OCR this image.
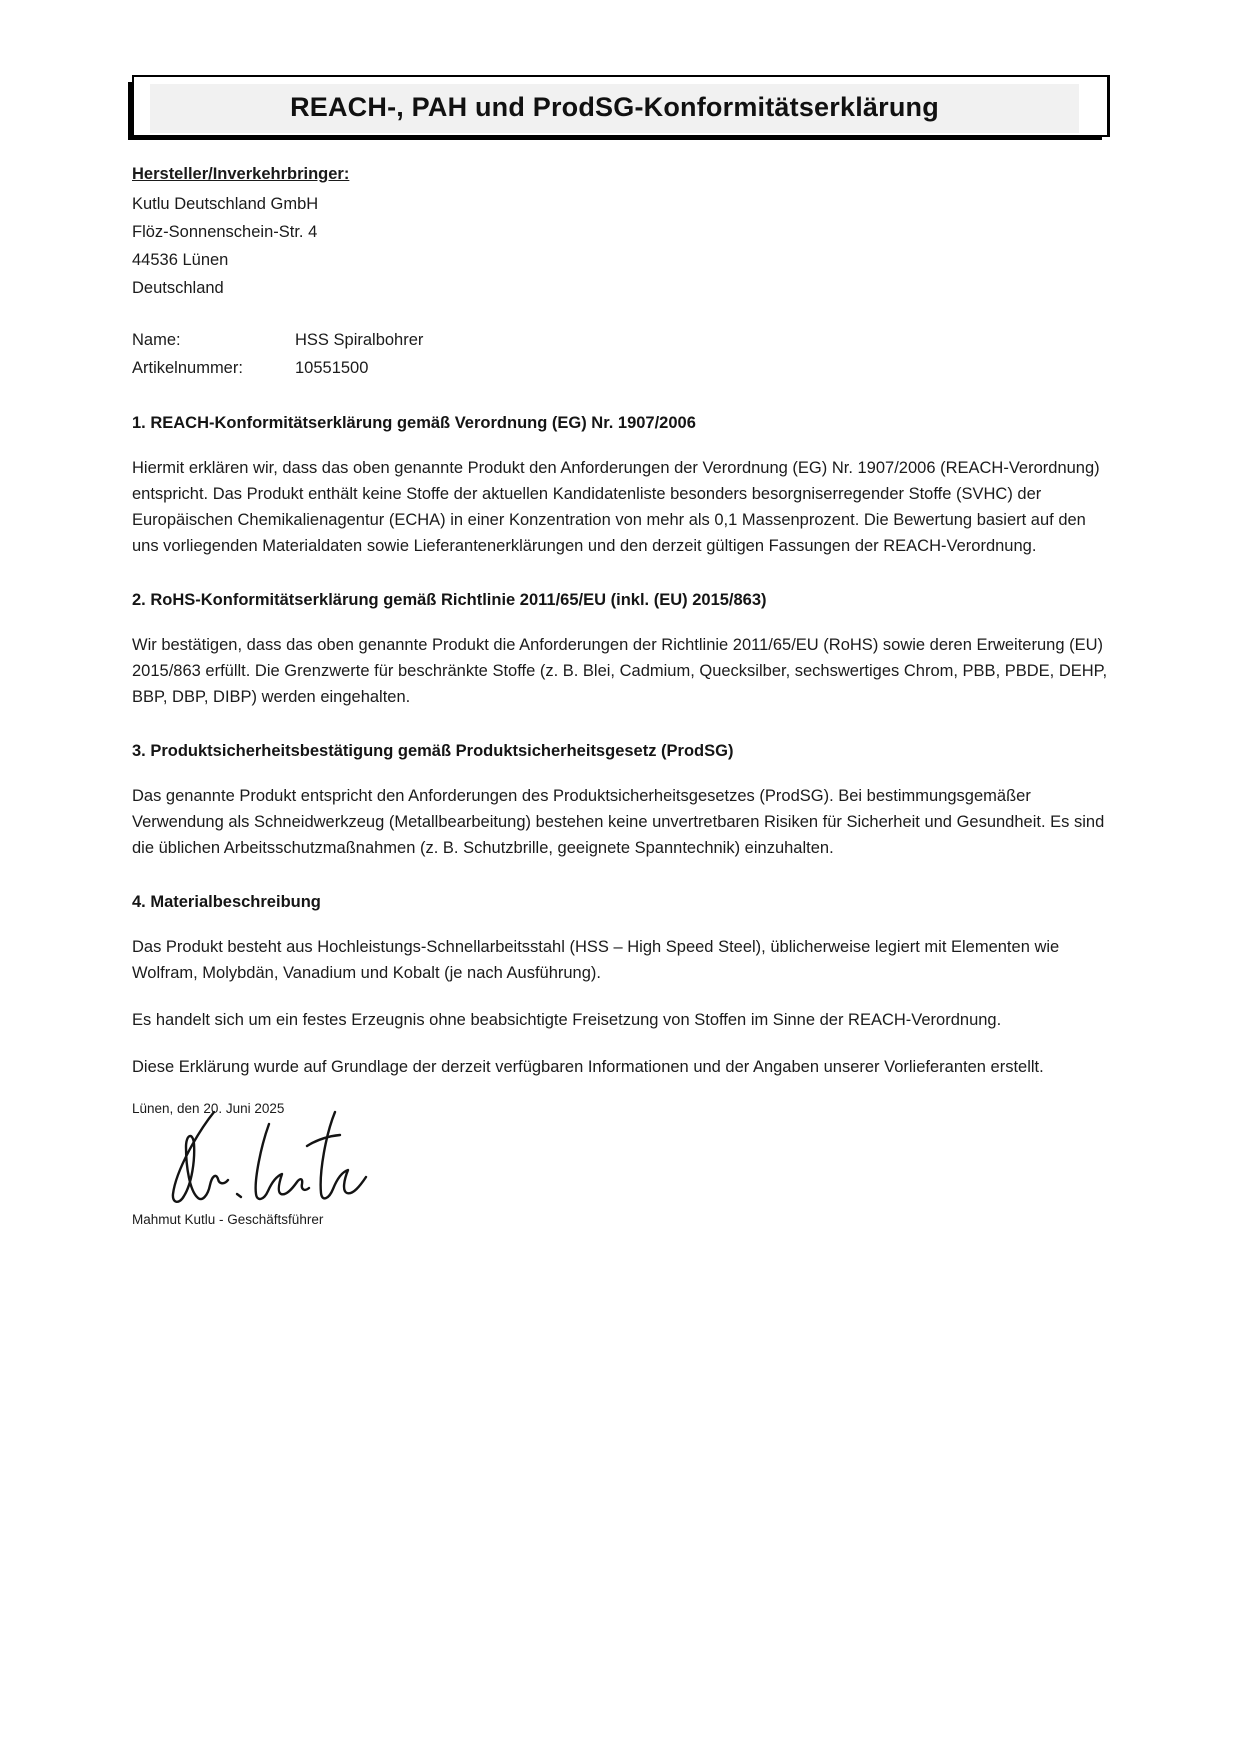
REACH-, PAH und ProdSG-Konformitätserklärung
Hersteller/Inverkehrbringer:
Kutlu Deutschland GmbH
Flöz-Sonnenschein-Str. 4
44536 Lünen
Deutschland
Name:	HSS Spiralbohrer
Artikelnummer:	10551500
1. REACH-Konformitätserklärung gemäß Verordnung (EG) Nr. 1907/2006

Hiermit erklären wir, dass das oben genannte Produkt den Anforderungen der Verordnung (EG) Nr. 1907/2006 (REACH-Verordnung) entspricht. Das Produkt enthält keine Stoffe der aktuellen Kandidatenliste besonders besorgniserregender Stoffe (SVHC) der Europäischen Chemikalienagentur (ECHA) in einer Konzentration von mehr als 0,1 Massenprozent. Die Bewertung basiert auf den uns vorliegenden Materialdaten sowie Lieferantenerklärungen und den derzeit gültigen Fassungen der REACH-Verordnung.

2. RoHS-Konformitätserklärung gemäß Richtlinie 2011/65/EU (inkl. (EU) 2015/863)

Wir bestätigen, dass das oben genannte Produkt die Anforderungen der Richtlinie 2011/65/EU (RoHS) sowie deren Erweiterung (EU) 2015/863 erfüllt. Die Grenzwerte für beschränkte Stoffe (z. B. Blei, Cadmium, Quecksilber, sechswertiges Chrom, PBB, PBDE, DEHP, BBP, DBP, DIBP) werden eingehalten.

3. Produktsicherheitsbestätigung gemäß Produktsicherheitsgesetz (ProdSG)

Das genannte Produkt entspricht den Anforderungen des Produktsicherheitsgesetzes (ProdSG). Bei bestimmungsgemäßer Verwendung als Schneidwerkzeug (Metallbearbeitung) bestehen keine unvertretbaren Risiken für Sicherheit und Gesundheit. Es sind die üblichen Arbeitsschutzmaßnahmen (z. B. Schutzbrille, geeignete Spanntechnik) einzuhalten.

4. Materialbeschreibung

Das Produkt besteht aus Hochleistungs-Schnellarbeitsstahl (HSS – High Speed Steel), üblicherweise legiert mit Elementen wie Wolfram, Molybdän, Vanadium und Kobalt (je nach Ausführung).

Es handelt sich um ein festes Erzeugnis ohne beabsichtigte Freisetzung von Stoffen im Sinne der REACH-Verordnung.

Diese Erklärung wurde auf Grundlage der derzeit verfügbaren Informationen und der Angaben unserer Vorlieferanten erstellt.

Lünen, den 20. Juni 2025
Mahmut Kutlu - Geschäftsführer
